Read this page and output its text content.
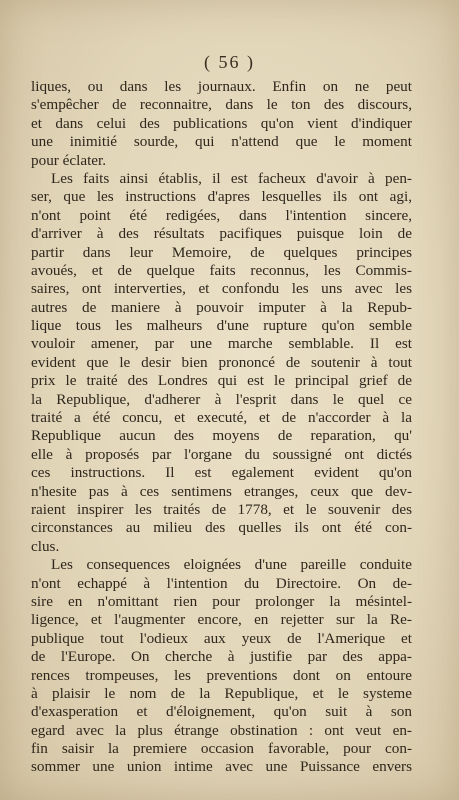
( 56 )
liques, ou dans les journaux. Enfin on ne peut
s'empêcher de reconnaitre, dans le ton des discours,
et dans celui des publications qu'on vient d'indiquer
une inimitié sourde, qui n'attend que le moment
pour éclater.
Les faits ainsi établis, il est facheux d'avoir à pen-
ser, que les instructions d'apres lesquelles ils ont agi,
n'ont point été redigées, dans l'intention sincere,
d'arriver à des résultats pacifiques puisque loin de
partir dans leur Memoire, de quelques principes
avoués, et de quelque faits reconnus, les Commis-
saires, ont interverties, et confondu les uns avec les
autres de maniere à pouvoir imputer à la Repub-
lique tous les malheurs d'une rupture qu'on semble
vouloir amener, par une marche semblable. Il est
evident que le desir bien prononcé de soutenir à tout
prix le traité des Londres qui est le principal grief de
la Republique, d'adherer à l'esprit dans le quel ce
traité a été concu, et executé, et de n'accorder à la
Republique aucun des moyens de reparation, qu'
elle à proposés par l'organe du soussigné ont dictés
ces instructions. Il est egalement evident qu'on
n'hesite pas à ces sentimens etranges, ceux que dev-
raient inspirer les traités de 1778, et le souvenir des
circonstances au milieu des quelles ils ont été con-
clus.
Les consequences eloignées d'une pareille conduite
n'ont echappé à l'intention du Directoire. On de-
sire en n'omittant rien pour prolonger la mésintel-
ligence, et l'augmenter encore, en rejetter sur la Re-
publique tout l'odieux aux yeux de l'Amerique et
de l'Europe. On cherche à justifie par des appa-
rences trompeuses, les preventions dont on entoure
à plaisir le nom de la Republique, et le systeme
d'exasperation et d'éloignement, qu'on suit à son
egard avec la plus étrange obstination : ont veut en-
fin saisir la premiere occasion favorable, pour con-
sommer une union intime avec une Puissance envers
